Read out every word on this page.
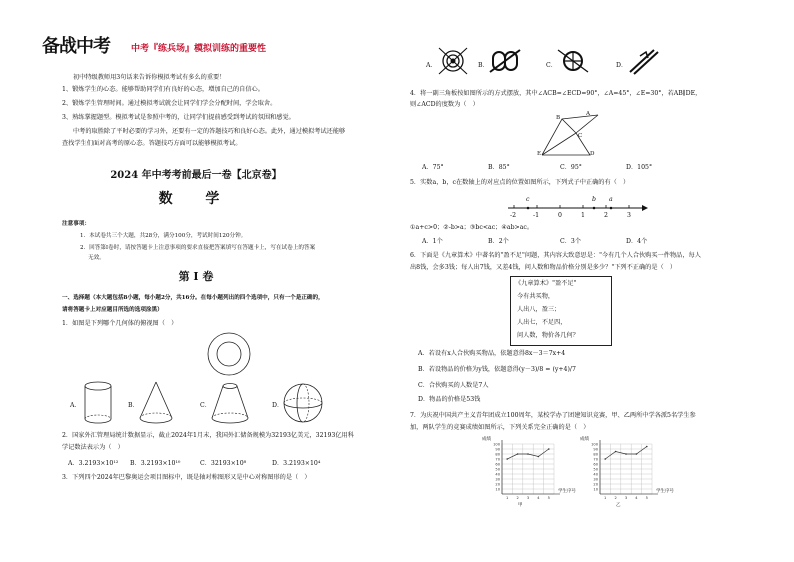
备战中考 中考『练兵场』模拟训练的重要性
初中特级教师用3句话来告诉你模拟考试有多么的重要！
1、锻炼学生的心态。能够帮助同学们有良好的心态，增加自己的自信心。
2、锻炼学生管理时间。通过模拟考试就会让同学们学会分配时间，学会取舍。
3、熟练掌握题型。模拟考试是参照中考的，让同学们提前感受到考试的氛围和感觉。
中考的取胜除了平时必要的学习外，还要有一定的答题技巧和良好心态。此外，通过模拟考试还能够
查找学生们面对高考的原心态。答题技巧方面可以能够模拟考试。
2024 年中考考前最后一卷【北京卷】
数 学
注意事项：
1．本试卷共三个大题，共28分，满分100分，考试时间120分钟。
2．回答第Ⅰ卷时，请按答题卡上注意事项的要求直接把答案填写在答题卡上，写在试卷上的答案
无效。
第 I 卷
一、选择题（本大题包括8小题，每小题2分，共16分。在每小题列出的四个选项中，只有一个是正确的，
请将答题卡上对应题目所选的选项涂黑）
1．如图是下列哪个几何体的俯视图（　）
A．	B．	C．	D．
2．国家外汇管理局统计数据显示，截止2024年1月末，我国外汇储备规模为32193亿美元，32193亿用科
学记数法表示为（　）
A．3.2193×10¹² B．3.2193×10¹⁰	C．32193×10⁸	D．3.2193×10⁴
3．下列四个2024年巴黎奥运会项目图标中，既是轴对称图形又是中心对称图形的是（　）
A．	B．	C．	D．
4．将一副三角板按如图所示的方式摆放，其中∠ACB=∠ECD=90°，∠A=45°，∠E=30°，若AB∥DE，
则∠ACD的度数为（　）
A
B
C
E	D
A．75°	B．85°	C．95°	D．105°
5．实数a，b，c在数轴上的对应点的位置如图所示，下列式子中正确的有（　）
c	b a
-2	-1	0	1	2	3
①a+c>0；②-b>a；③bc<ac；④ab>ac。
A．1个	B．2个	C．3个	D．4个
6．下面是《九章算术》中著名的"盈不足"问题，其内容大致意思是："今有几个人合伙购买一件物品，每人
出8钱，会多3钱；每人出7钱，又差4钱，问人数和物品价格分别是多少？"下列不正确的是（　）
《九章算术》"盈不足"
今有共买物，
人出八，盈三；
人出七，不足四，
问人数，物价各几何？
A．若设有x人合伙购买物品，依题意得8x－3＝7x+4
B．若设物品的价格为y钱，依题意得(y－3)/8 = (y+4)/7
C．合伙购买的人数是7人
D．物品的价格是53钱
7．为庆祝中国共产主义青年团成立100周年，某校学办了团建知识竞赛，甲、乙两所中学各派5名学生参
加，两队学生的竞赛成绩如图所示，下列关系完全正确的是（　）
成绩
学生序号
甲
100
90
80
70
60
50
40
30
20
10
1 2 3 4 5
成绩
学生序号
乙
100
90
80
70
60
50
40
30
20
10
1 2 3 4 5
